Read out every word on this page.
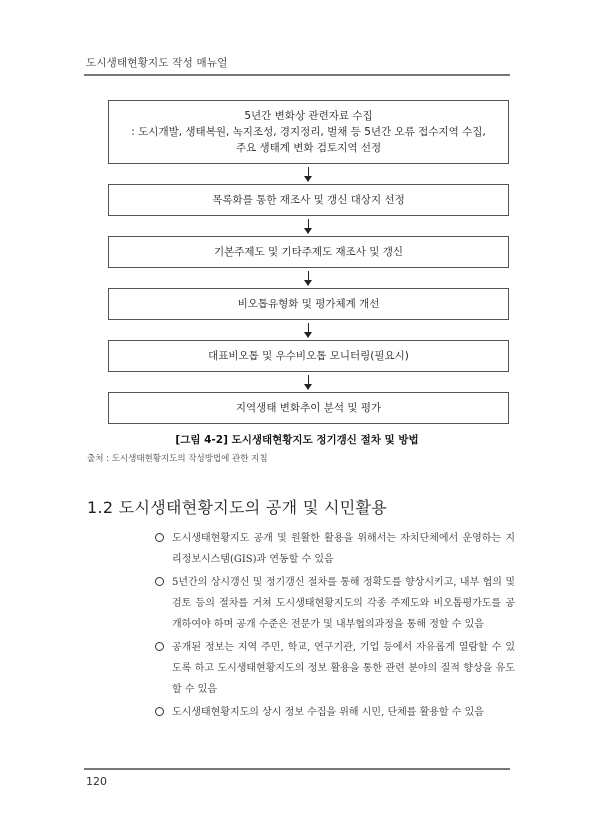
도시생태현황지도 작성 매뉴얼
5년간 변화상 관련자료 수집
: 도시개발, 생태복원, 녹지조성, 경지정리, 벌채 등 5년간 오류 접수지역 수집,
주요 생태계 변화 검토지역 선정
목록화를 통한 재조사 및 갱신 대상지 선정
기본주제도 및 기타주제도 재조사 및 갱신
비오톱유형화 및 평가체계 개선
대표비오톱 및 우수비오톱 모니터링(필요시)
지역생태 변화추이 분석 및 평가
[그림 4-2] 도시생태현황지도 정기갱신 절차 및 방법
출처 : 도시생태현황지도의 작성방법에 관한 지침
1.2 도시생태현황지도의 공개 및 시민활용
도시생태현황지도 공개 및 원활한 활용을 위해서는 자치단체에서 운영하는 지리정보시스템(GIS)과 연동할 수 있음
5년간의 상시갱신 및 정기갱신 절차를 통해 정확도를 향상시키고, 내부 협의 및 검토 등의 절차를 거쳐 도시생태현황지도의 각종 주제도와 비오톱평가도를 공개하여야 하며 공개 수준은 전문가 및 내부협의과정을 통해 정할 수 있음
공개된 정보는 지역 주민, 학교, 연구기관, 기업 등에서 자유롭게 열람할 수 있도록 하고 도시생태현황지도의 정보 활용을 통한 관련 분야의 질적 향상을 유도할 수 있음
도시생태현황지도의 상시 정보 수집을 위해 시민, 단체를 활용할 수 있음
120
